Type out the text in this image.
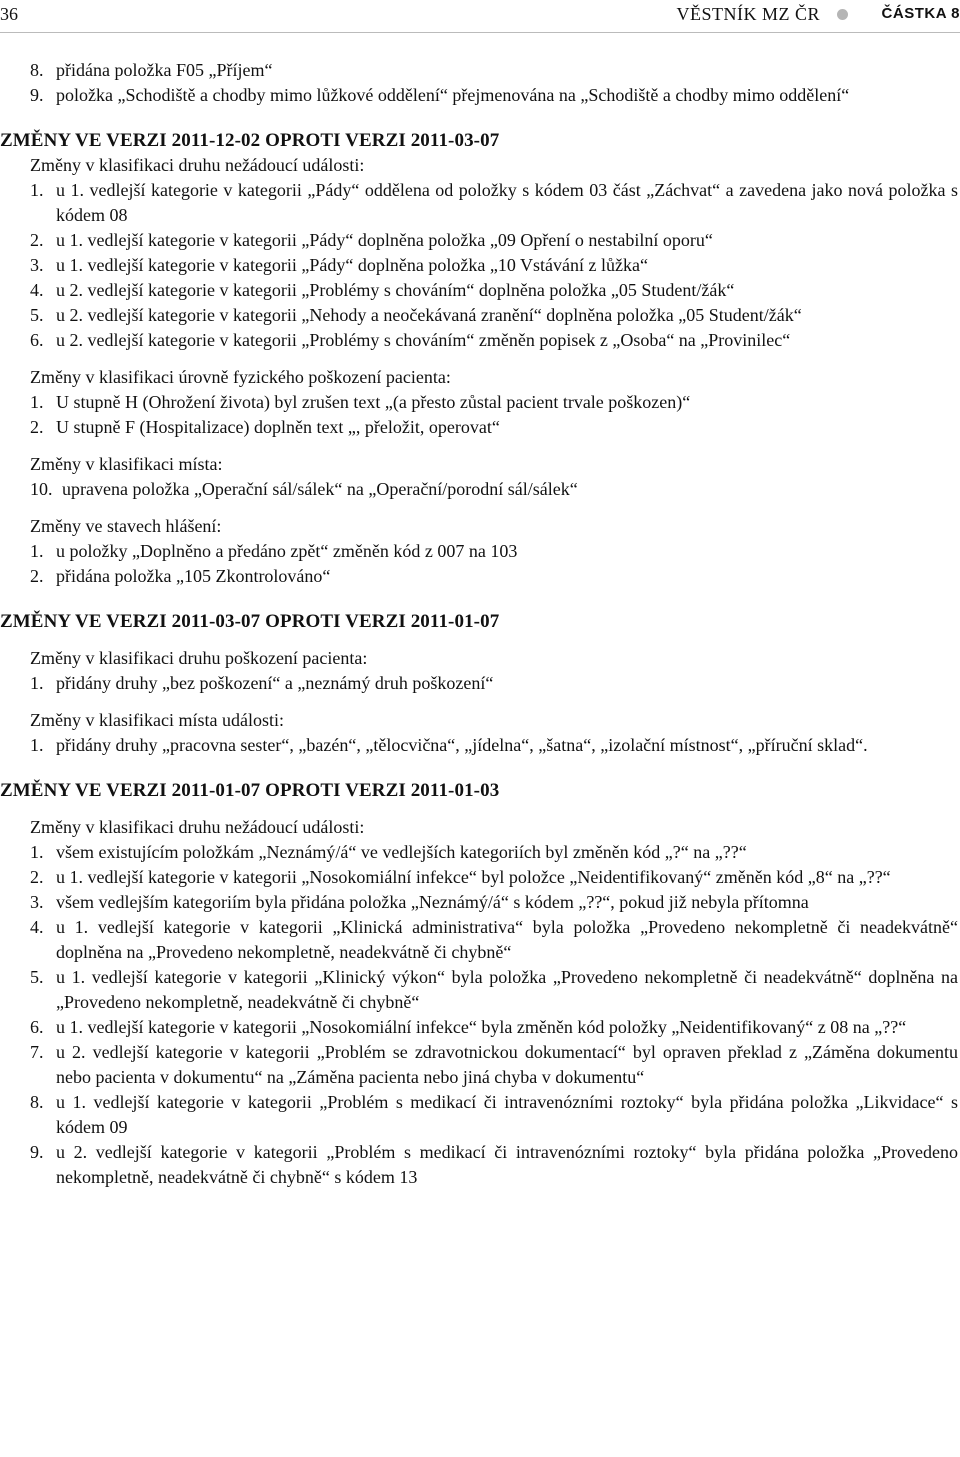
36	VĚSTNÍK MZ ČR	ČÁSTKA 8
8. přidána položka F05 „Příjem“
9. položka „Schodiště a chodby mimo lůžkové oddělení“ přejmenována na „Schodiště a chodby mimo oddělení“
ZMĚNY VE VERZI 2011-12-02 OPROTI VERZI 2011-03-07
Změny v klasifikaci druhu nežádoucí události:
1. u 1. vedlejší kategorie v kategorii „Pády“ oddělena od položky s kódem 03 část „Záchvat“ a zavedena jako nová položka s kódem 08
2. u 1. vedlejší kategorie v kategorii „Pády“ doplněna položka „09 Opření o nestabilní oporu“
3. u 1. vedlejší kategorie v kategorii „Pády“ doplněna položka „10 Vstávání z lůžka“
4. u 2. vedlejší kategorie v kategorii „Problémy s chováním“ doplněna položka „05 Student/žák“
5. u 2. vedlejší kategorie v kategorii „Nehody a neočekávaná zranění“ doplněna položka „05 Student/žák“
6. u 2. vedlejší kategorie v kategorii „Problémy s chováním“ změněn popisek z „Osoba“ na „Provinilec“
Změny v klasifikaci úrovně fyzického poškození pacienta:
1. U stupně H (Ohrožení života) byl zrušen text „(a přesto zůstal pacient trvale poškozen)“
2. U stupně F (Hospitalizace) doplněn text „, přeložit, operovat“
Změny v klasifikaci místa:
10. upravena položka „Operační sál/sálek“ na „Operační/porodní sál/sálek“
Změny ve stavech hlášení:
1. u položky „Doplněno a předáno zpět“ změněn kód z 007 na 103
2. přidána položka „105 Zkontrolováno“
ZMĚNY VE VERZI 2011-03-07 OPROTI VERZI 2011-01-07
Změny v klasifikaci druhu poškození pacienta:
1. přidány druhy „bez poškození“ a „neznámý druh poškození“
Změny v klasifikaci místa události:
1. přidány druhy „pracovna sester“, „bazén“, „tělocvična“, „jídelna“, „šatna“, „izolační místnost“, „příruční sklad“.
ZMĚNY VE VERZI 2011-01-07 OPROTI VERZI 2011-01-03
Změny v klasifikaci druhu nežádoucí události:
1. všem existujícím položkám „Neznámý/á“ ve vedlejších kategoriích byl změněn kód „?“ na „??“
2. u 1. vedlejší kategorie v kategorii „Nosokomiální infekce“ byl položce „Neidentifikovaný“ změněn kód „8“ na „??“
3. všem vedlejším kategoriím byla přidána položka „Neznámý/á“ s kódem „??“, pokud již nebyla přítomna
4. u 1. vedlejší kategorie v kategorii „Klinická administrativa“ byla položka „Provedeno nekompletně či neadekvátně“ doplněna na „Provedeno nekompletně, neadekvátně či chybně“
5. u 1. vedlejší kategorie v kategorii „Klinický výkon“ byla položka „Provedeno nekompletně či neadekvátně“ doplněna na „Provedeno nekompletně, neadekvátně či chybně“
6. u 1. vedlejší kategorie v kategorii „Nosokomiální infekce“ byla změněn kód položky „Neidentifikovaný“ z 08 na „??“
7. u 2. vedlejší kategorie v kategorii „Problém se zdravotnickou dokumentací“ byl opraven překlad z „Záměna dokumentu nebo pacienta v dokumentu“ na „Záměna pacienta nebo jiná chyba v dokumentu“
8. u 1. vedlejší kategorie v kategorii „Problém s medikací či intravenózními roztoky“ byla přidána položka „Likvidace“ s kódem 09
9. u 2. vedlejší kategorie v kategorii „Problém s medikací či intravenózními roztoky“ byla přidána položka „Provedeno nekompletně, neadekvátně či chybně“ s kódem 13
